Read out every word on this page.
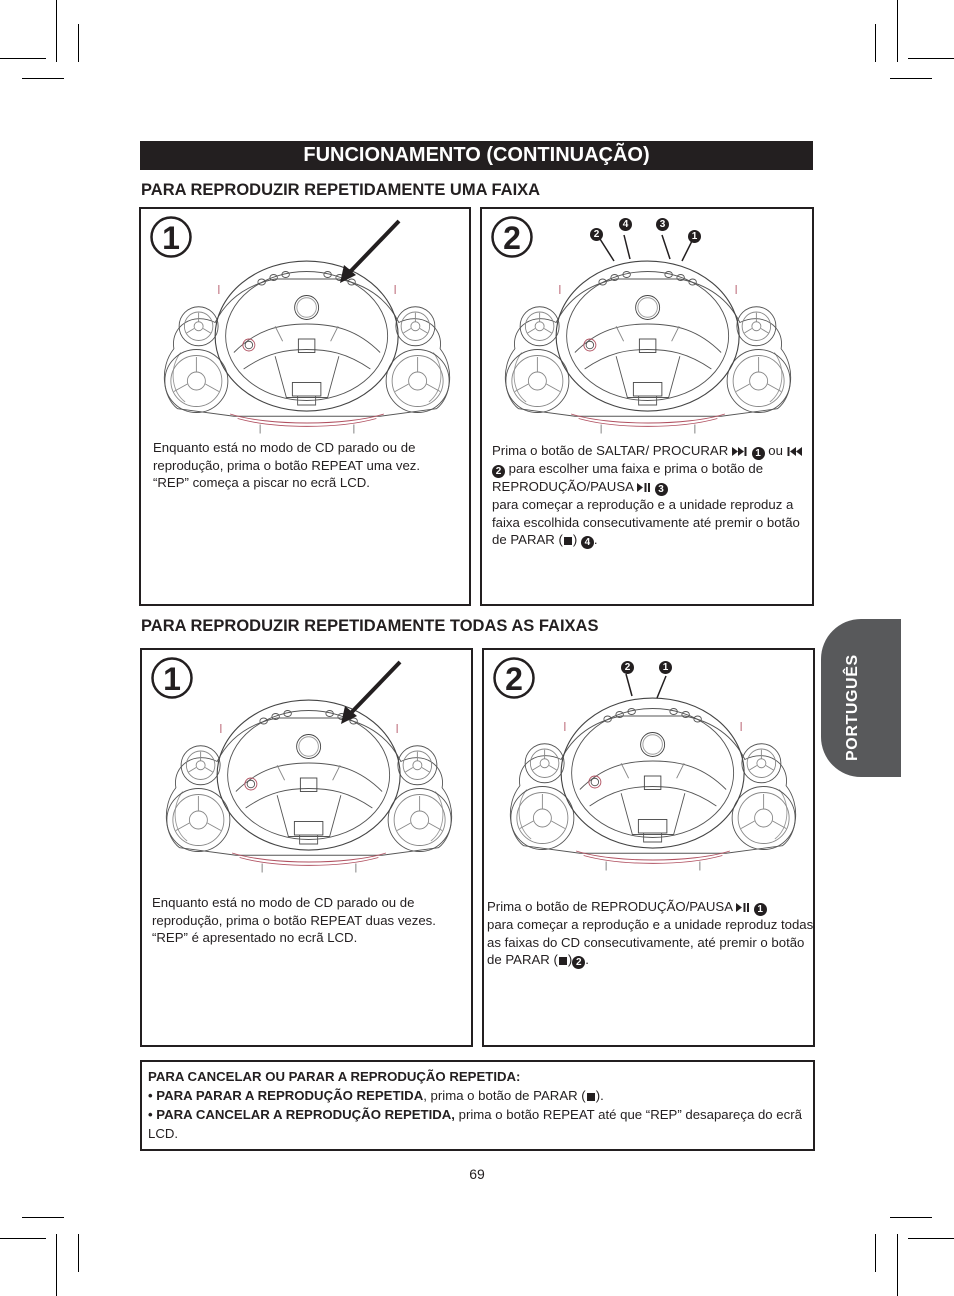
FUNCIONAMENTO (CONTINUAÇÃO)
PARA REPRODUZIR REPETIDAMENTE UMA FAIXA
1
Enquanto está no modo de CD parado ou de reprodução, prima o botão REPEAT uma vez. “REP” começa a piscar no ecrã LCD.
2	2
4	3
1
Prima o botão de SALTAR/ PROCURAR	1 ou  2 para escolher uma faixa e prima o botão de REPRODUÇÃO/PAUSA	3
para começar a reprodução e a unidade reproduz a faixa escolhida consecutivamente até premir o botão de PARAR ( ) 4 .
PARA REPRODUZIR REPETIDAMENTE TODAS AS FAIXAS
1
Enquanto está no modo de CD parado ou de reprodução, prima o botão REPEAT duas vezes. “REP” é apresentado no ecrã LCD.
2	2	1
Prima o botão de REPRODUÇÃO/PAUSA	1
para começar a reprodução e a unidade reproduz todas as faixas do CD consecutivamente, até premir o botão de PARAR ( ) 2 .
PARA CANCELAR OU PARAR A REPRODUÇÃO REPETIDA:
• PARA PARAR A REPRODUÇÃO REPETIDA, prima o botão de PARAR ( ).
• PARA CANCELAR A REPRODUÇÃO REPETIDA, prima o botão REPEAT até que “REP” desapareça do ecrã LCD.
PORTUGUÊS
69
